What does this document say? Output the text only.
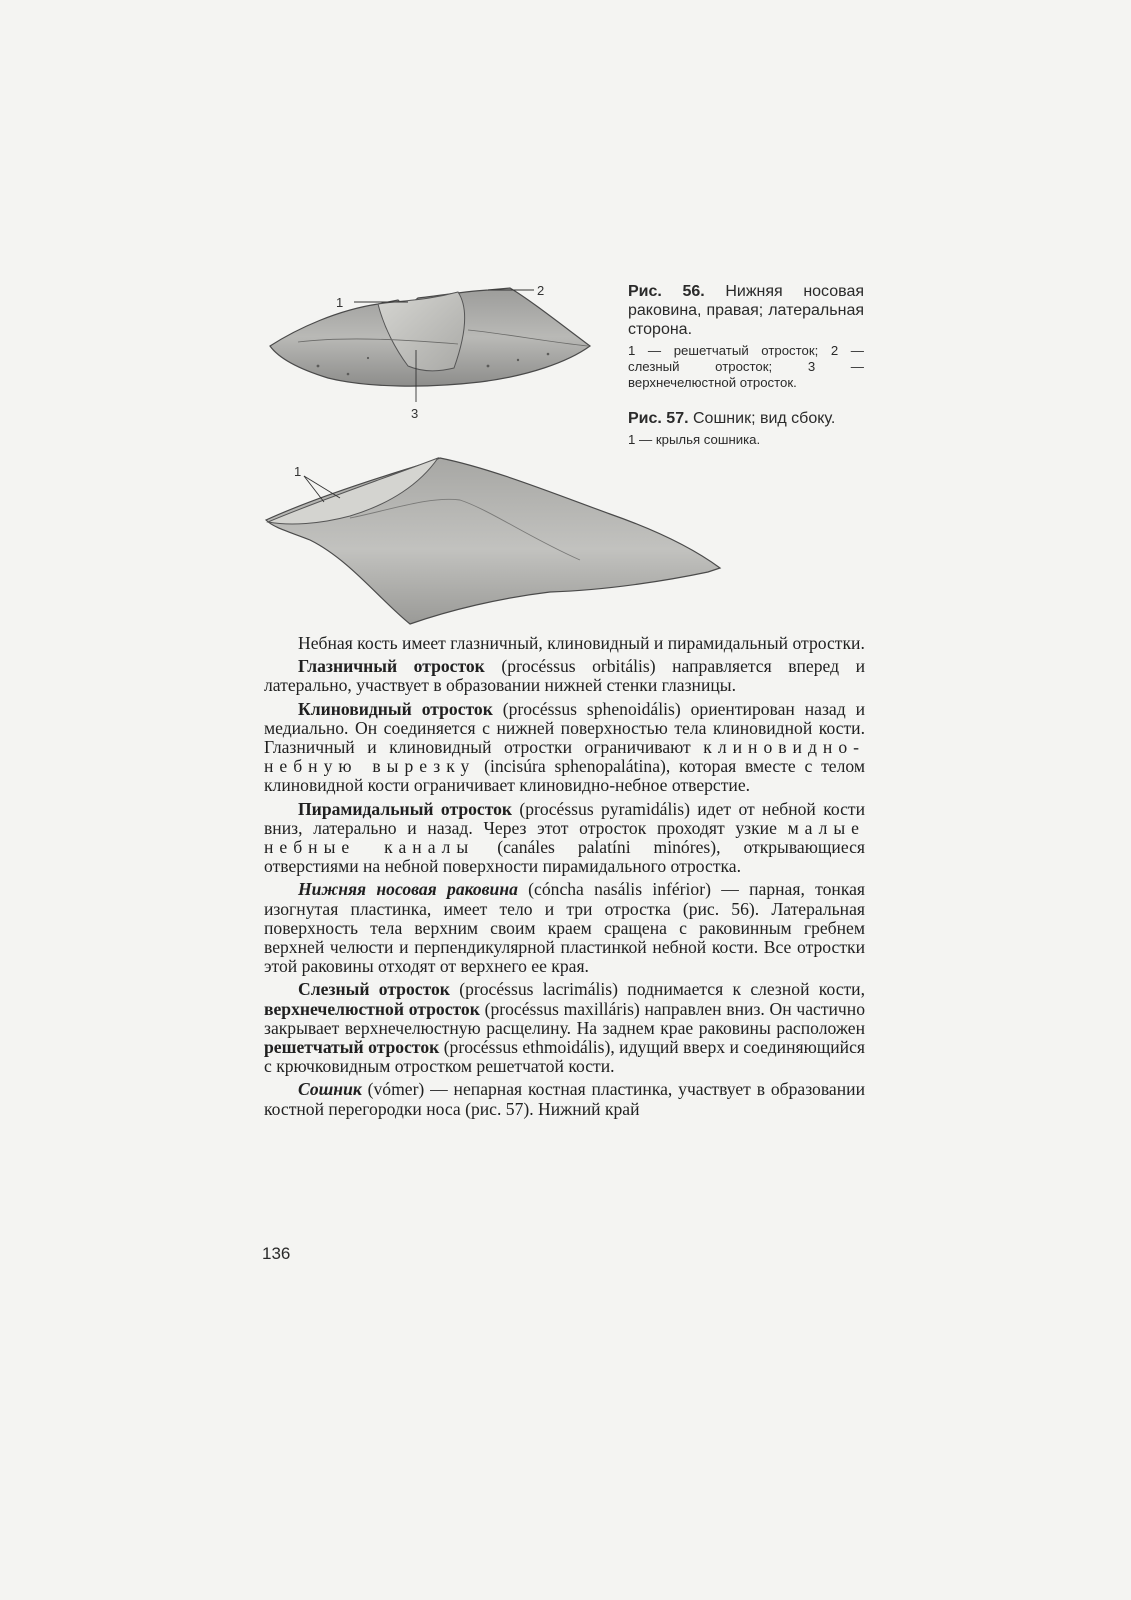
1
2
3
1

Рис. 56. Нижняя носовая раковина, правая; латеральная сторона.

1 — решетчатый отросток; 2 — слезный отросток; 3 — верхнечелюстной отросток.

Рис. 57. Сошник; вид сбоку.

1 — крылья сошника.

Небная кость имеет глазничный, клиновидный и пирамидальный отростки.

Глазничный отросток (procéssus orbitális) направляется вперед и латерально, участвует в образовании нижней стенки глазницы.

Клиновидный отросток (procéssus sphenoidális) ориентирован назад и медиально. Он соединяется с нижней поверхностью тела клиновидной кости. Глазничный и клиновидный отростки ограничивают клиновидно-небную вырезку (incisúra sphenopalátina), которая вместе с телом клиновидной кости ограничивает клиновидно-небное отверстие.

Пирамидальный отросток (procéssus pyramidális) идет от небной кости вниз, латерально и назад. Через этот отросток проходят узкие малые небные каналы (canáles palatíni minóres), открывающиеся отверстиями на небной поверхности пирамидального отростка.

Нижняя носовая раковина (cóncha nasális inférior) — парная, тонкая изогнутая пластинка, имеет тело и три отростка (рис. 56). Латеральная поверхность тела верхним своим краем сращена с раковинным гребнем верхней челюсти и перпендикулярной пластинкой небной кости. Все отростки этой раковины отходят от верхнего ее края.

Слезный отросток (procéssus lacrimális) поднимается к слезной кости, верхнечелюстной отросток (procéssus maxilláris) направлен вниз. Он частично закрывает верхнечелюстную расщелину. На заднем крае раковины расположен решетчатый отросток (procéssus ethmoidális), идущий вверх и соединяющийся с крючковидным отростком решетчатой кости.

Сошник (vómer) — непарная костная пластинка, участвует в образовании костной перегородки носа (рис. 57). Нижний край

136
